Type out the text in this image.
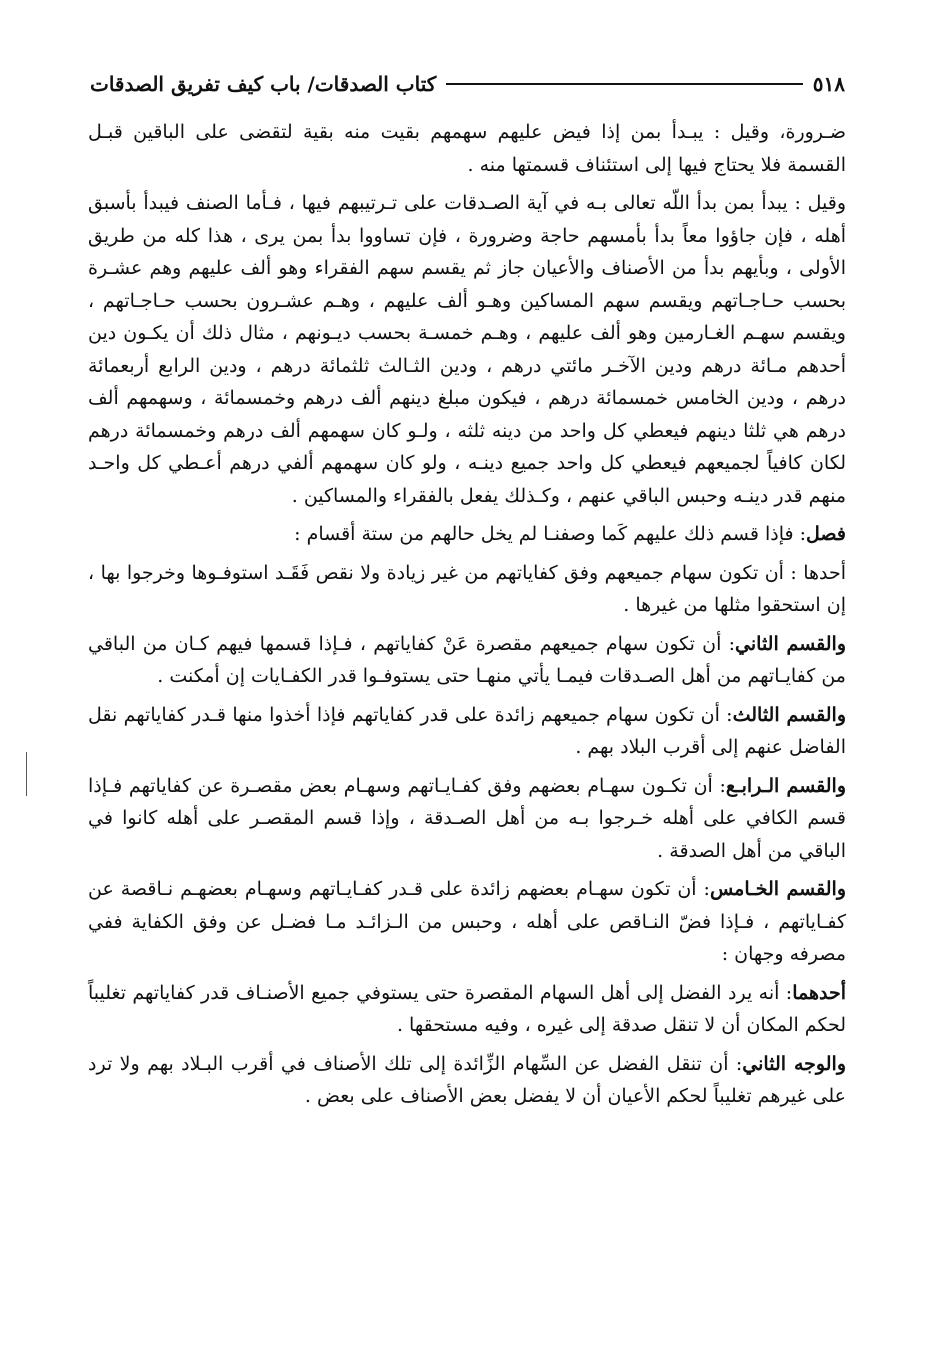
٥١٨
كتاب الصدقات/ باب كيف تفريق الصدقات

ضـرورة، وقيل : يبـدأ بمن إذا فيض عليهم سهمهم بقيت منه بقية لتقضى على الباقين قبـل القسمة فلا يحتاج فيها إلى استئناف قسمتها منه .

وقيل : يبدأ بمن بدأ اللّه تعالى بـه في آية الصـدقات على تـرتيبهم فيها ، فـأما الصنف فيبدأ بأسبق أهله ، فإن جاؤوا معاً بدأ بأمسهم حاجة وضرورة ، فإن تساووا بدأ بمن يرى ، هذا كله من طريق الأولى ، وبأيهم بدأ من الأصناف والأعيان جاز ثم يقسم سهم الفقراء وهو ألف عليهم وهم عشـرة بحسب حـاجـاتهم ويقسم سهم المساكين وهـو ألف عليهم ، وهـم عشـرون بحسب حـاجـاتهم ، ويقسم سهـم الغـارمين وهو ألف عليهم ، وهـم خمسـة بحسب ديـونهم ، مثال ذلك أن يكـون دين أحدهم مـائة درهم ودين الآخـر مائتي درهم ، ودين الثـالث ثلثمائة درهم ، ودين الرابع أربعمائة درهم ، ودين الخامس خمسمائة درهم ، فيكون مبلغ دينهم ألف درهم وخمسمائة ، وسهمهم ألف درهم هي ثلثا دينهم فيعطي كل واحد من دينه ثلثه ، ولـو كان سهمهم ألف درهم وخمسمائة درهم لكان كافياً لجميعهم فيعطي كل واحد جميع دينـه ، ولو كان سهمهم ألفي درهم أعـطي كل واحـد منهم قدر دينـه وحبس الباقي عنهم ، وكـذلك يفعل بالفقراء والمساكين .

فصل: فإذا قسم ذلك عليهم كَما وصفنـا لم يخل حالهم من ستة أقسام :

أحدها : أن تكون سهام جميعهم وفق كفاياتهم من غير زيادة ولا نقص فَقَـد استوفـوها وخرجوا بها ، إن استحقوا مثلها من غيرها .

والقسم الثاني: أن تكون سهام جميعهم مقصرة عَنْ كفاياتهم ، فـإذا قسمها فيهم كـان من الباقي من كفايـاتهم من أهل الصـدقات فيمـا يأتي منهـا حتى يستوفـوا قدر الكفـايات إن أمكنت .

والقسم الثالث: أن تكون سهام جميعهم زائدة على قدر كفاياتهم فإذا أخذوا منها قـدر كفاياتهم نقل الفاضل عنهم إلى أقرب البلاد بهم .

والقسم الـرابـع: أن تكـون سهـام بعضهم وفق كفـايـاتهم وسهـام بعض مقصـرة عن كفاياتهم فـإذا قسم الكافي على أهله خـرجوا بـه من أهل الصـدقة ، وإذا قسم المقصـر على أهله كانوا في الباقي من أهل الصدقة .

والقسم الخـامس: أن تكون سهـام بعضهم زائدة على قـدر كفـايـاتهم وسهـام بعضهـم نـاقصة عن كفـاياتهم ، فـإذا فضّ النـاقص على أهله ، وحبس من الـزائـد مـا فضـل عن وفق الكفاية ففي مصرفه وجهان :

أحدهما: أنه يرد الفضل إلى أهل السهام المقصرة حتى يستوفي جميع الأصنـاف قدر كفاياتهم تغليباً لحكم المكان أن لا تنقل صدقة إلى غيره ، وفيه مستحقها .

والوجه الثاني: أن تنقل الفضل عن السِّهام الزِّائدة إلى تلك الأصناف في أقرب البـلاد بهم ولا ترد على غيرهم تغليباً لحكم الأعيان أن لا يفضل بعض الأصناف على بعض .
